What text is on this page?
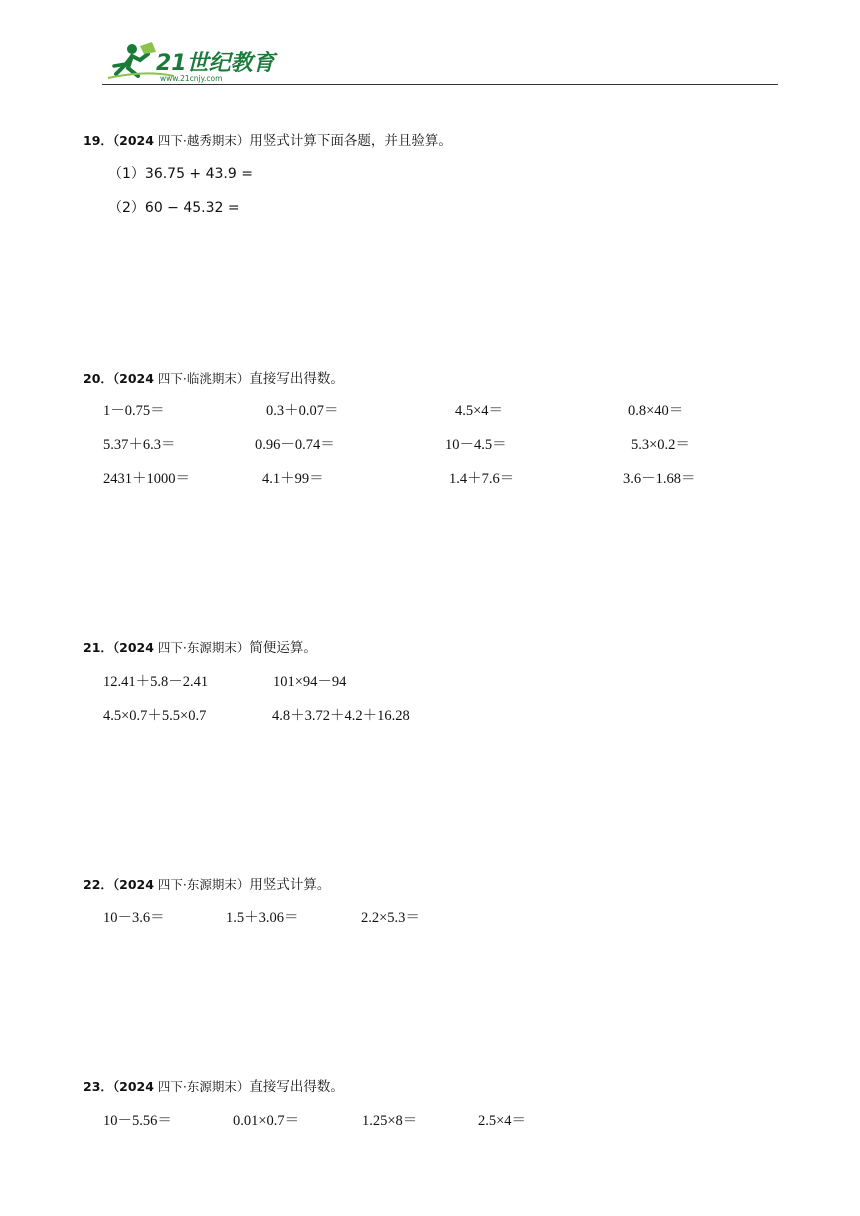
21世纪教育
www.21cnjy.com
19．（2024 四下·越秀期末）用竖式计算下面各题，并且验算。
（1）36.75 + 43.9 =
（2）60 − 45.32 =
20．（2024 四下·临洮期末）直接写出得数。
1－0.75＝	0.3＋0.07＝	4.5×4＝	0.8×40＝
5.37＋6.3＝	0.96－0.74＝	10－4.5＝	5.3×0.2＝
2431＋1000＝	4.1＋99＝	1.4＋7.6＝	3.6－1.68＝
21．（2024 四下·东源期末）简便运算。
12.41＋5.8－2.41	101×94－94
4.5×0.7＋5.5×0.7	4.8＋3.72＋4.2＋16.28
22．（2024 四下·东源期末）用竖式计算。
10－3.6＝	1.5＋3.06＝	2.2×5.3＝
23．（2024 四下·东源期末）直接写出得数。
10－5.56＝	0.01×0.7＝	1.25×8＝	2.5×4＝
